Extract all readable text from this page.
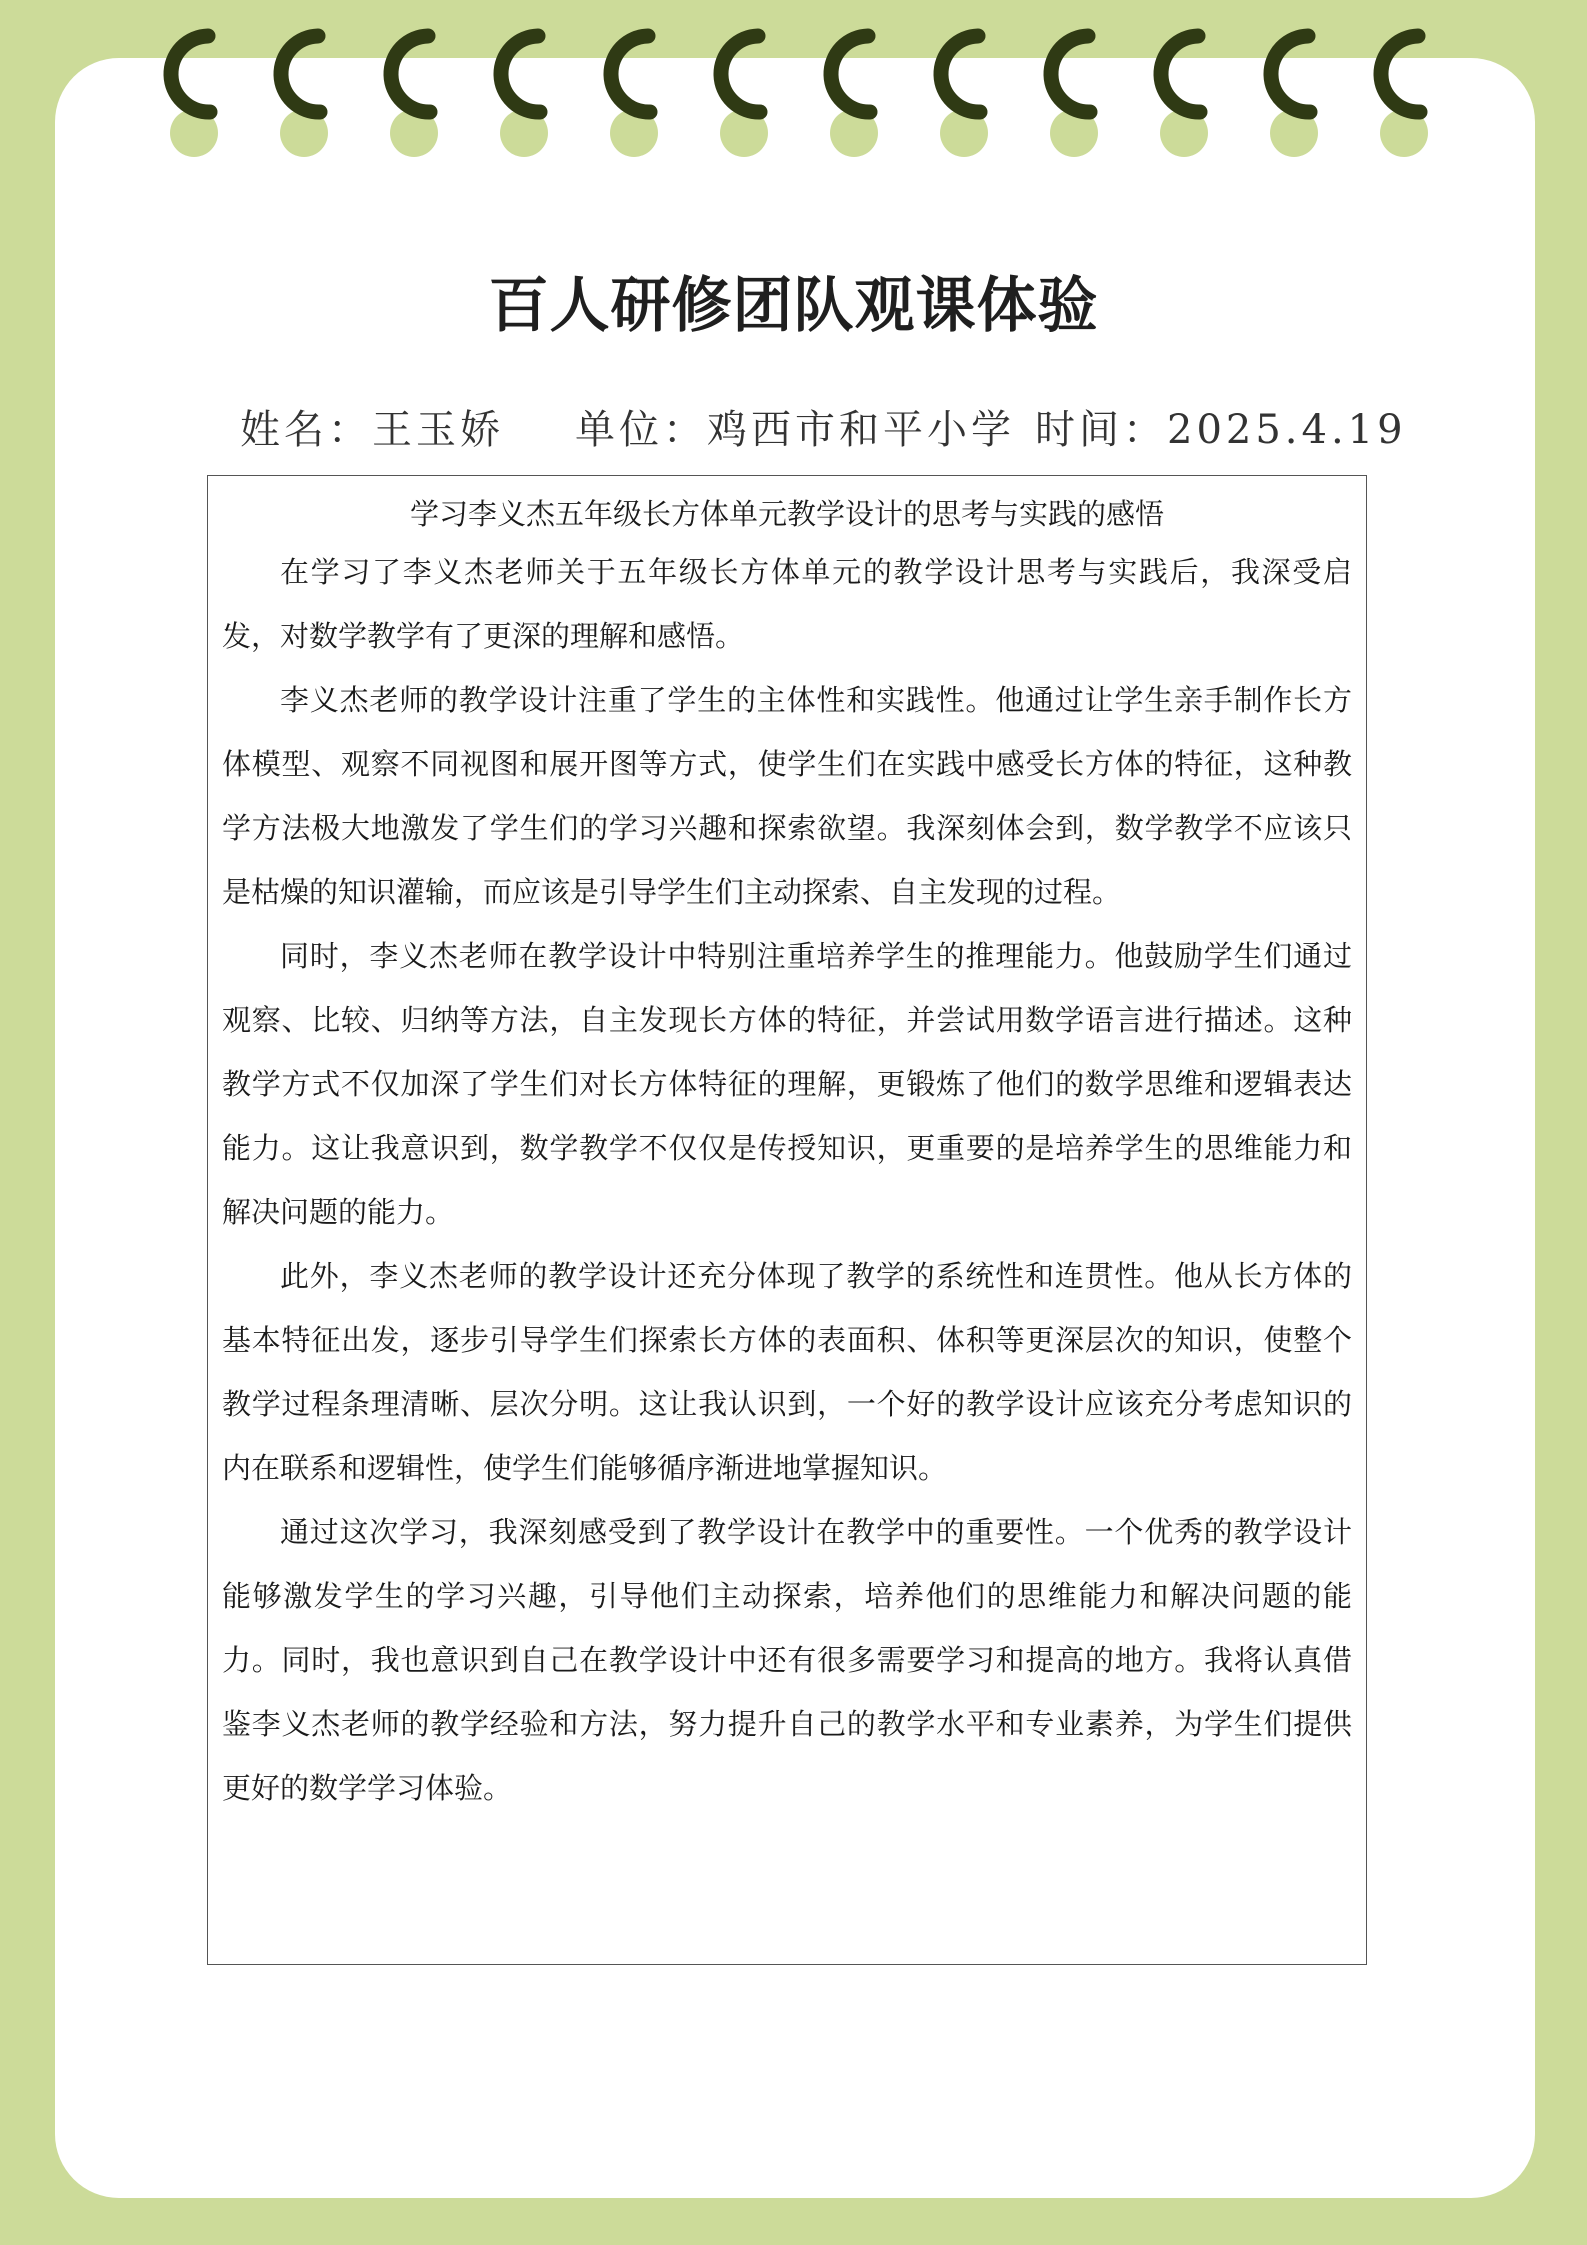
百人研修团队观课体验
姓名：王玉娇 单位：鸡西市和平小学 时间：2025.4.19

学习李义杰五年级长方体单元教学设计的思考与实践的感悟

在学习了李义杰老师关于五年级长方体单元的教学设计思考与实践后，我深受启发，对数学教学有了更深的理解和感悟。

李义杰老师的教学设计注重了学生的主体性和实践性。他通过让学生亲手制作长方体模型、观察不同视图和展开图等方式，使学生们在实践中感受长方体的特征，这种教学方法极大地激发了学生们的学习兴趣和探索欲望。我深刻体会到，数学教学不应该只是枯燥的知识灌输，而应该是引导学生们主动探索、自主发现的过程。

同时，李义杰老师在教学设计中特别注重培养学生的推理能力。他鼓励学生们通过观察、比较、归纳等方法，自主发现长方体的特征，并尝试用数学语言进行描述。这种教学方式不仅加深了学生们对长方体特征的理解，更锻炼了他们的数学思维和逻辑表达能力。这让我意识到，数学教学不仅仅是传授知识，更重要的是培养学生的思维能力和解决问题的能力。

此外，李义杰老师的教学设计还充分体现了教学的系统性和连贯性。他从长方体的基本特征出发，逐步引导学生们探索长方体的表面积、体积等更深层次的知识，使整个教学过程条理清晰、层次分明。这让我认识到，一个好的教学设计应该充分考虑知识的内在联系和逻辑性，使学生们能够循序渐进地掌握知识。

通过这次学习，我深刻感受到了教学设计在教学中的重要性。一个优秀的教学设计能够激发学生的学习兴趣，引导他们主动探索，培养他们的思维能力和解决问题的能力。同时，我也意识到自己在教学设计中还有很多需要学习和提高的地方。我将认真借鉴李义杰老师的教学经验和方法，努力提升自己的教学水平和专业素养，为学生们提供更好的数学学习体验。
